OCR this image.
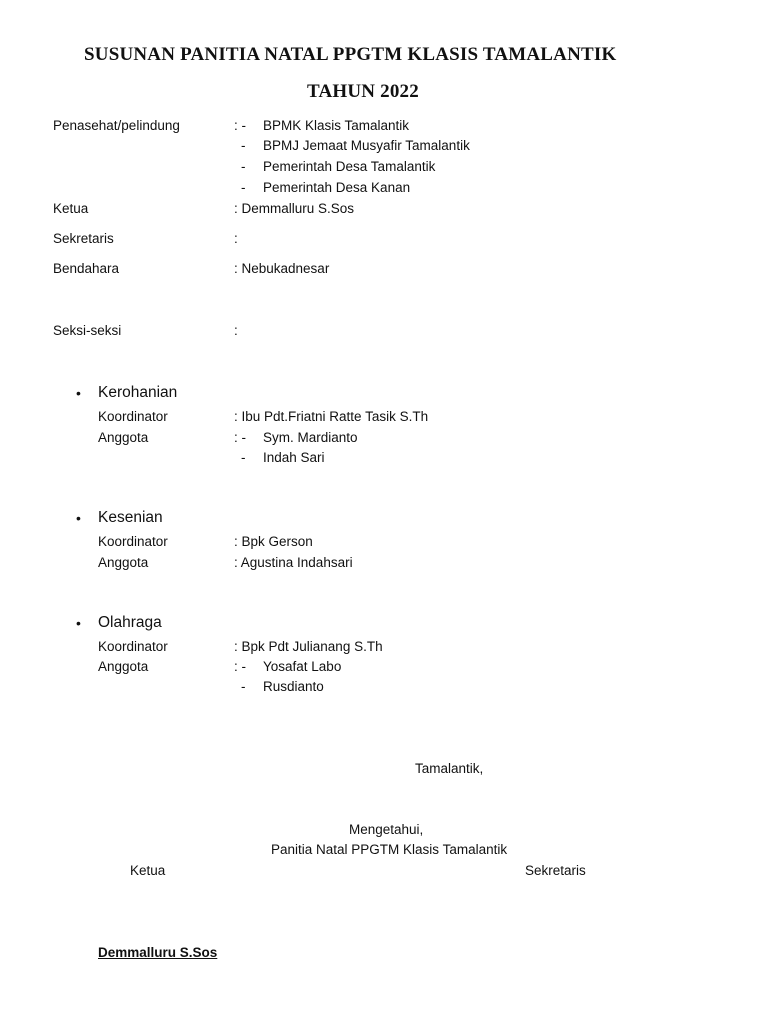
SUSUNAN PANITIA NATAL PPGTM KLASIS TAMALANTIK
TAHUN 2022
Penasehat/pelindung	: - BPMK Klasis Tamalantik
- BPMJ Jemaat Musyafir Tamalantik
- Pemerintah Desa Tamalantik
- Pemerintah Desa Kanan
Ketua	: Demmalluru S.Sos
Sekretaris	:
Bendahara	: Nebukadnesar
Seksi-seksi	:
• Kerohanian
Koordinator	: Ibu Pdt.Friatni Ratte Tasik S.Th
Anggota	: - Sym. Mardianto
- Indah Sari
• Kesenian
Koordinator	: Bpk Gerson
Anggota	: Agustina Indahsari
• Olahraga
Koordinator	: Bpk Pdt Julianang S.Th
Anggota	: - Yosafat Labo
- Rusdianto
Tamalantik,
Mengetahui,
Panitia Natal PPGTM Klasis Tamalantik
Ketua	Sekretaris
Demmalluru S.Sos
